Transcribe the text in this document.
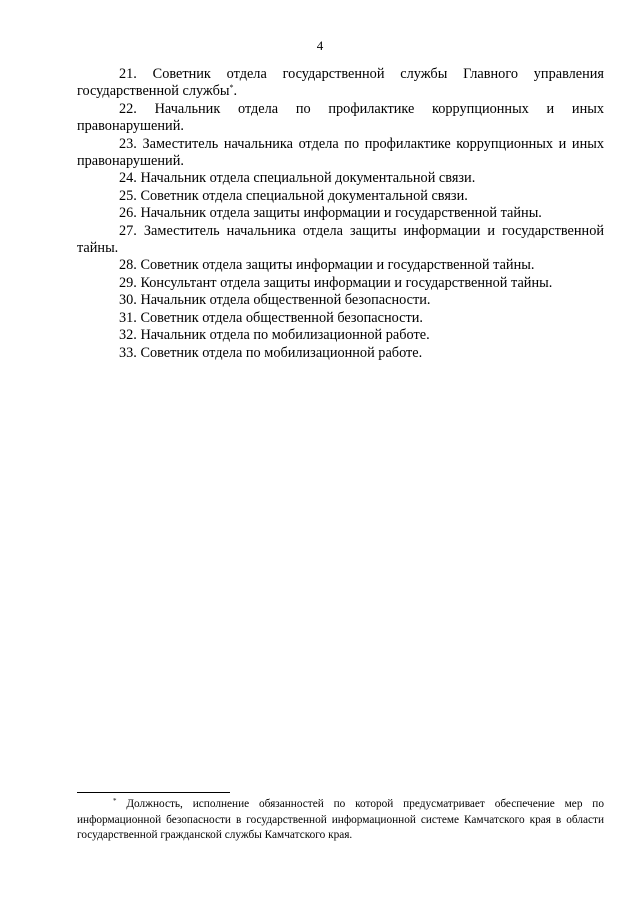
4

21. Советник отдела государственной службы Главного управления государственной службы*.

22. Начальник отдела по профилактике коррупционных и иных правонарушений.

23. Заместитель начальника отдела по профилактике коррупционных и иных правонарушений.

24. Начальник отдела специальной документальной связи.

25. Советник отдела специальной документальной связи.

26. Начальник отдела защиты информации и государственной тайны.

27. Заместитель начальника отдела защиты информации и государственной тайны.

28. Советник отдела защиты информации и государственной тайны.

29. Консультант отдела защиты информации и государственной тайны.

30. Начальник отдела общественной безопасности.

31. Советник отдела общественной безопасности.

32. Начальник отдела по мобилизационной работе.

33. Советник отдела по мобилизационной работе.

* Должность, исполнение обязанностей по которой предусматривает обеспечение мер по информационной безопасности в государственной информационной системе Камчатского края в области государственной гражданской службы Камчатского края.
